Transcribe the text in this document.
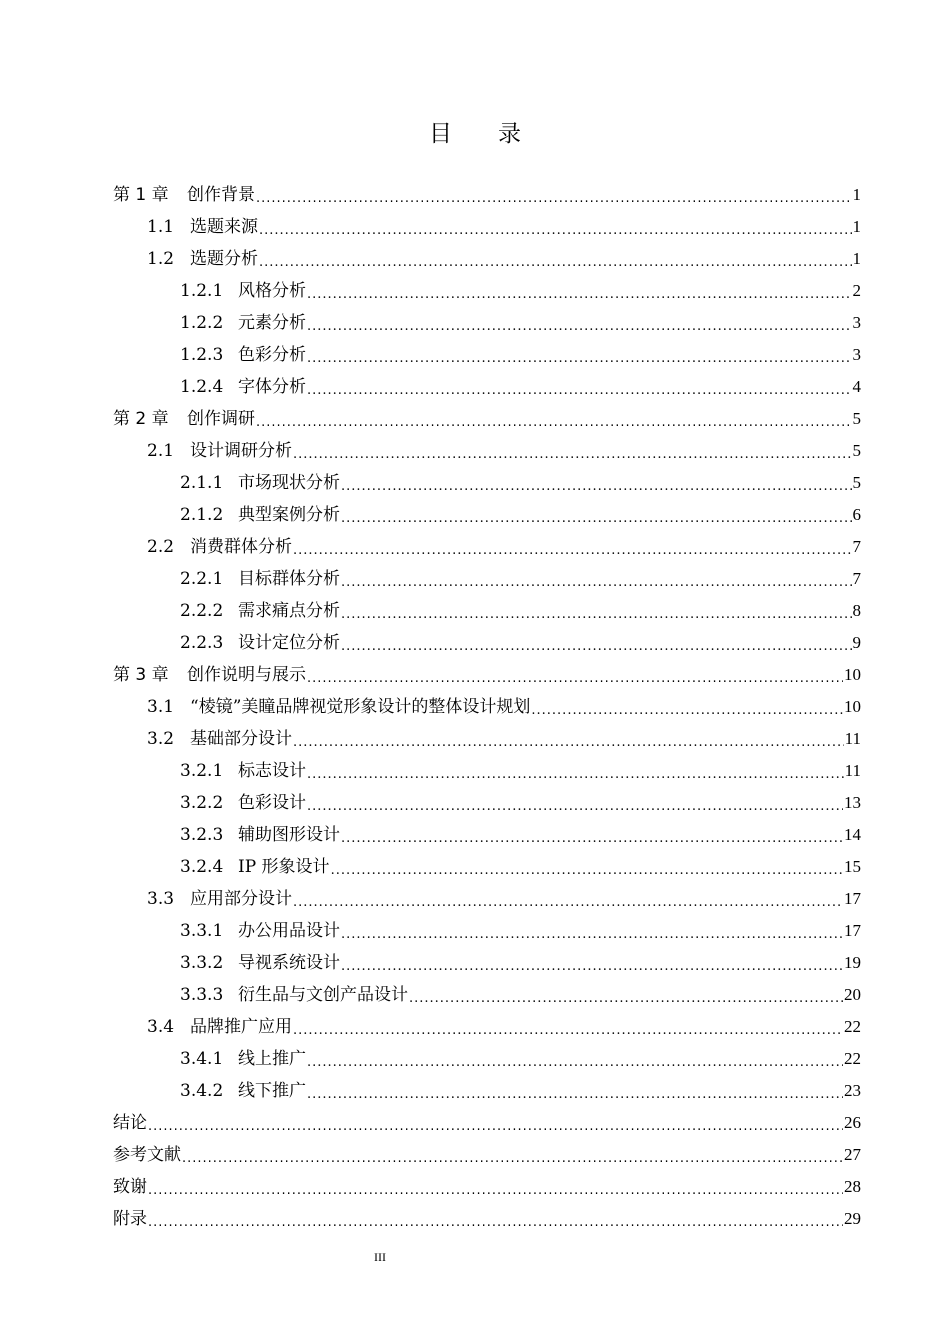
目 录
第 1 章	创作背景 .....	1
1.1 选题来源 .....	1
1.2 选题分析 .....	1
1.2.1 风格分析 .....	2
1.2.2 元素分析 .....	3
1.2.3 色彩分析 .....	3
1.2.4 字体分析 .....	4
第 2 章	创作调研 .....	5
2.1 设计调研分析 .....	5
2.1.1 市场现状分析 .....	5
2.1.2 典型案例分析 .....	6
2.2 消费群体分析 .....	7
2.2.1 目标群体分析 .....	7
2.2.2 需求痛点分析 .....	8
2.2.3 设计定位分析 .....	9
第 3 章	创作说明与展示 .....	10
3.1 “棱镜”美瞳品牌视觉形象设计的整体设计规划 .....	10
3.2 基础部分设计 .....	11
3.2.1 标志设计 .....	11
3.2.2 色彩设计 .....	13
3.2.3 辅助图形设计 .....	14
3.2.4 IP 形象设计 .....	15
3.3 应用部分设计 .....	17
3.3.1 办公用品设计 .....	17
3.3.2 导视系统设计 .....	19
3.3.3 衍生品与文创产品设计 .....	20
3.4 品牌推广应用 .....	22
3.4.1 线上推广 .....	22
3.4.2 线下推广 .....	23
结论 .....	26
参考文献 .....	27
致谢 .....	28
附录 .....	29
III
